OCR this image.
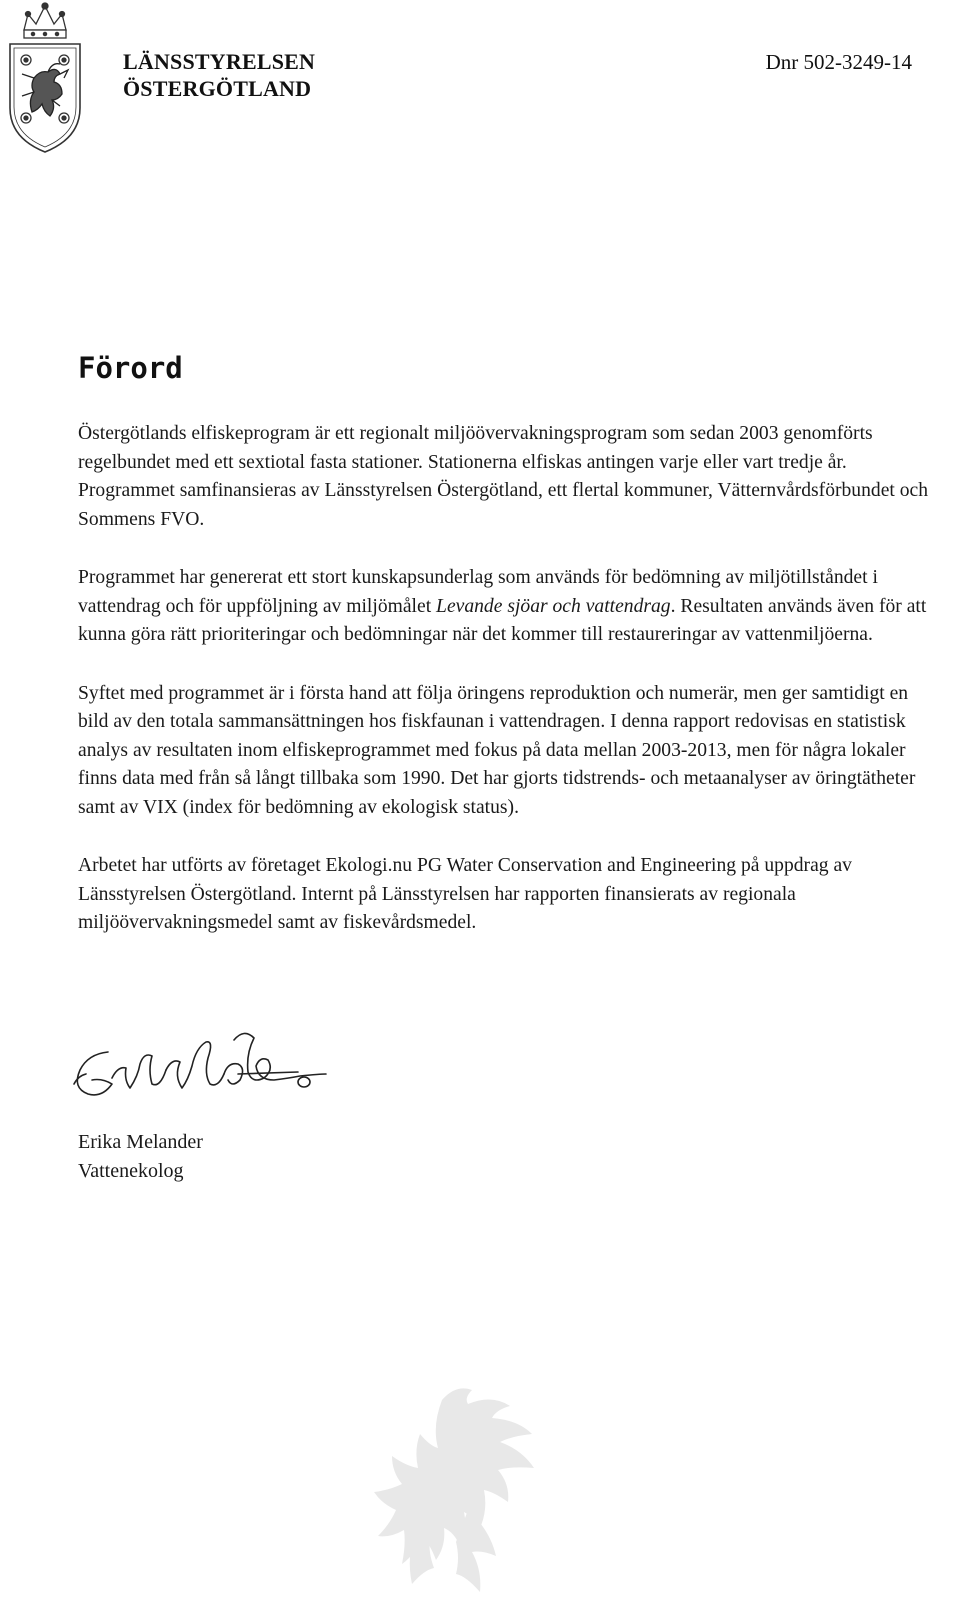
LÄNSSTYRELSEN
ÖSTERGÖTLAND
Dnr 502-3249-14
Förord

Östergötlands elfiskeprogram är ett regionalt miljöövervakningsprogram som sedan 2003 genomförts regelbundet med ett sextiotal fasta stationer. Stationerna elfiskas antingen varje eller vart tredje år. Programmet samfinansieras av Länsstyrelsen Östergötland, ett flertal kommuner, Vätternvårdsförbundet och Sommens FVO.

Programmet har genererat ett stort kunskapsunderlag som används för bedömning av miljötillståndet i vattendrag och för uppföljning av miljömålet Levande sjöar och vattendrag. Resultaten används även för att kunna göra rätt prioriteringar och bedömningar när det kommer till restaureringar av vattenmiljöerna.

Syftet med programmet är i första hand att följa öringens reproduktion och numerär, men ger samtidigt en bild av den totala sammansättningen hos fiskfaunan i vattendragen. I denna rapport redovisas en statistisk analys av resultaten inom elfiskeprogrammet med fokus på data mellan 2003-2013, men för några lokaler finns data med från så långt tillbaka som 1990. Det har gjorts tidstrends- och metaanalyser av öringtätheter samt av VIX (index för bedömning av ekologisk status).

Arbetet har utförts av företaget Ekologi.nu PG Water Conservation and Engineering på uppdrag av Länsstyrelsen Östergötland. Internt på Länsstyrelsen har rapporten finansierats av regionala miljöövervakningsmedel samt av fiskevårdsmedel.

Erika Melander
Vattenekolog
